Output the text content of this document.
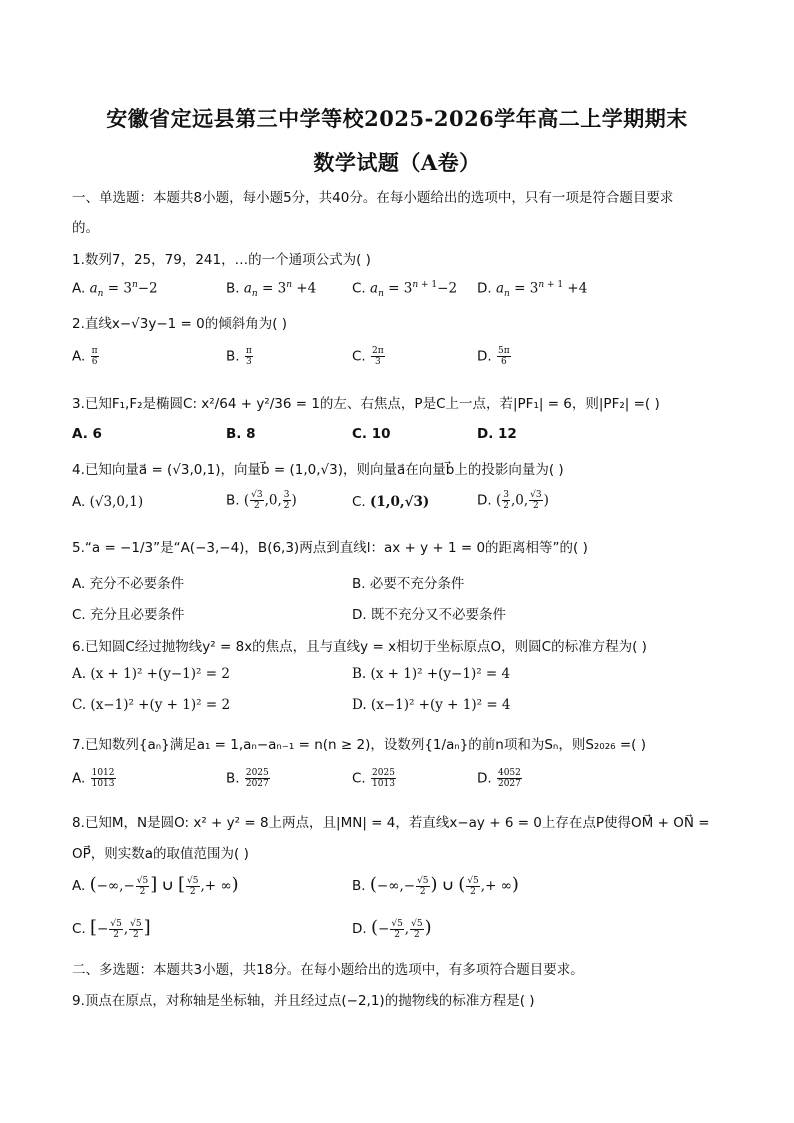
安徽省定远县第三中学等校2025-2026学年高二上学期期末
数学试题（A卷）
一、单选题：本题共8小题，每小题5分，共40分。在每小题给出的选项中，只有一项是符合题目要求
的。
1.数列7，25，79，241，…的一个通项公式为( )
A. $a_n = 3^n-2$	B. $a_n = 3^n +4$	C. $a_n = 3^{n + 1}-2$ D. $a_n = 3^{n + 1} +4$
2.直线x−√3y−1 = 0的倾斜角为( )
A. $\frac{\pi}{6}$	B. $\frac{\pi}{3}$	C. $\frac{2\pi}{3}$	D. $\frac{5\pi}{6}$
3.已知F₁,F₂是椭圆C: x²/64 + y²/36 = 1的左、右焦点，P是C上一点，若|PF₁| = 6，则|PF₂| =( )
A. 6	B. 8	C. 10	D. 12
4.已知向量a⃗ = (√3,0,1)，向量b⃗ = (1,0,√3)，则向量a⃗在向量b⃗上的投影向量为( )
A. (√3,0,1)	B. ( $\frac{√3}{2} ,0$, $\frac{3}{2}$ )	C. (1,0,√3)	D. ( $\frac{3}{2} ,0$, $\frac{√3}{2}$ )
5.“a = −1/3”是“A(−3,−4)，B(6,3)两点到直线l：ax + y + 1 = 0的距离相等”的( )
A. 充分不必要条件	B. 必要不充分条件
C. 充分且必要条件	D. 既不充分又不必要条件
6.已知圆C经过抛物线y² = 8x的焦点，且与直线y = x相切于坐标原点O，则圆C的标准方程为( )
A. (x + 1)² +(y−1)² = 2	B. (x + 1)² +(y−1)² = 4
C. (x−1)² +(y + 1)² = 2	D. (x−1)² +(y + 1)² = 4
7.已知数列{aₙ}满足a₁ = 1,aₙ−aₙ₋₁ = n(n ≥ 2)，设数列{1/aₙ}的前n项和为Sₙ，则S₂₀₂₆ =( )
A. $\frac{1012}{1013}$	B. $\frac{2025}{2027}$	C. $\frac{2025}{1013}$	D. $\frac{4052}{2027}$
8.已知M，N是圆O: x² + y² = 8上两点，且|MN| = 4，若直线x−ay + 6 = 0上存在点P使得OM⃗ + ON⃗ =
OP⃗，则实数a的取值范围为( )
A. (−∞,− $\frac{√5}{2}$ ] ∪ [ $\frac{√5}{2}$ ,+ ∞)	B. (−∞,− $\frac{√5}{2}$ ) ∪ ( $\frac{√5}{2}$ ,+ ∞)
C. [− $\frac{√5}{2}$ , $\frac{√5}{2}$ ]	D. (− $\frac{√5}{2}$ , $\frac{√5}{2}$ )
二、多选题：本题共3小题，共18分。在每小题给出的选项中，有多项符合题目要求。
9.顶点在原点，对称轴是坐标轴，并且经过点(−2,1)的抛物线的标准方程是( )
